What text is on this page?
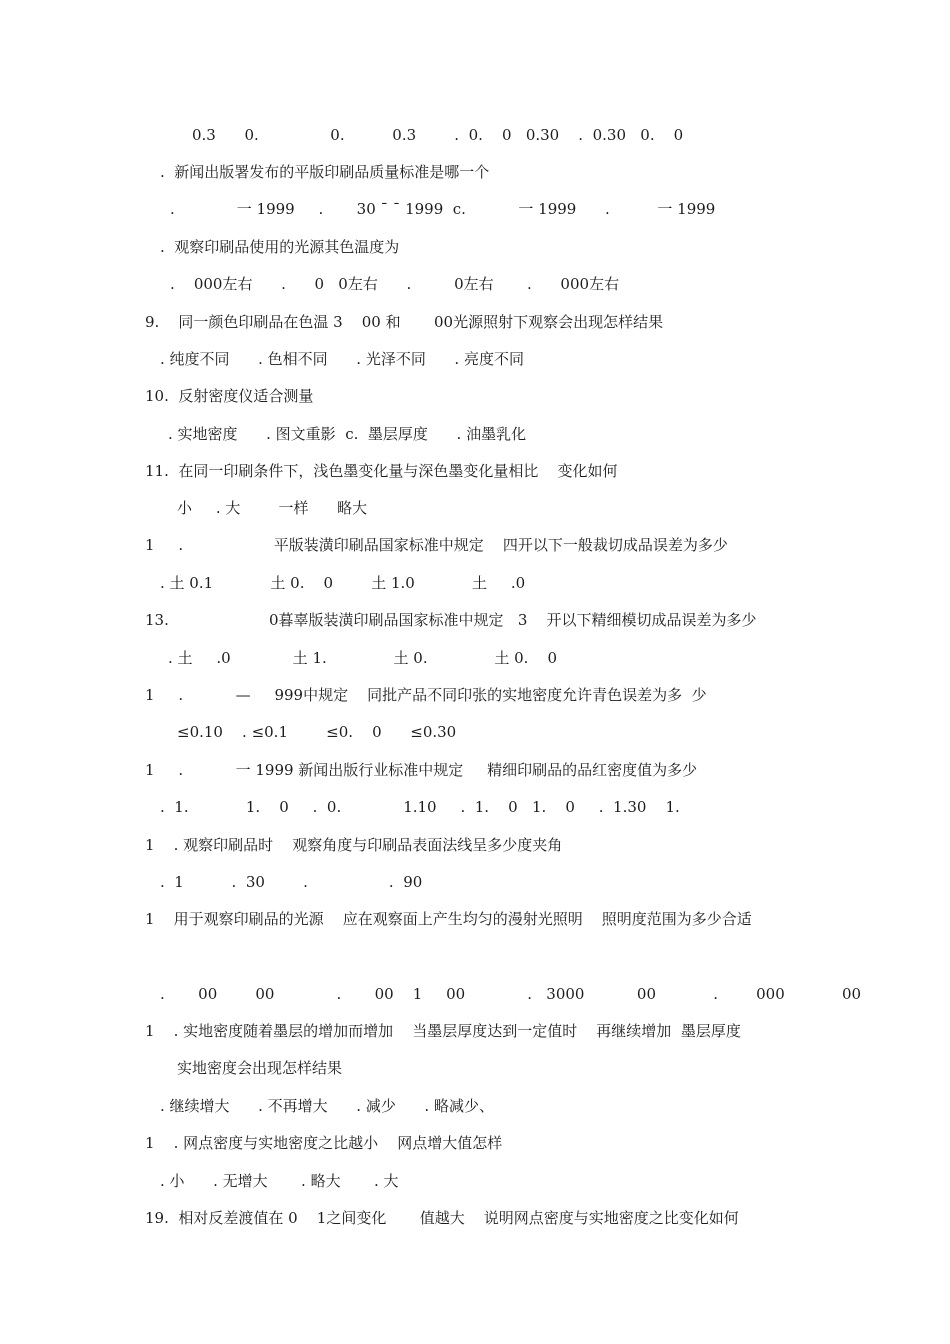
0.3      0.               0.          0.3        .  0.    0   0.30    .  0.30   0.    0
.  新闻出版署发布的平版印刷品质量标准是哪一个
.             一 1999     .       30 ¯ ¯ 1999  c.           一 1999      .          一 1999
.  观察印刷品使用的光源其色温度为
.    000左右      .      0   0左右      .         0左右       .      000左右
9.    同一颜色印刷品在色温 3    00 和       00光源照射下观察会出现怎样结果
. 纯度不同      . 色相不同      . 光泽不同      . 亮度不同
10.  反射密度仪适合测量
. 实地密度      . 图文重影  c.  墨层厚度      . 油墨乳化
11.  在同一印刷条件下，浅色墨变化量与深色墨变化量相比    变化如何
小     . 大        一样      略大
1     .                   平版装潢印刷品国家标准中规定    四开以下一般裁切成品误差为多少
. 土 0.1            土 0.    0        土 1.0            土     .0
13.                     0暮辜版装潢印刷品国家标准中规定   3    开以下精细模切成品误差为多少
. 土     .0             土 1.              土 0.              土 0.    0
1     .           —     999中规定    同批产品不同印张的实地密度允许青色误差为多  少
≤0.10    . ≤0.1        ≤0.    0      ≤0.30
1     .           一 1999 新闻出版行业标准中规定     精细印刷品的品红密度值为多少
.  1.            1.    0     .  0.             1.10     .  1.    0   1.    0     .  1.30    1.
1    . 观察印刷品时    观察角度与印刷品表面法线呈多少度夹角
.  1          .  30        .                 .  90
1    用于观察印刷品的光源    应在观察面上产生均匀的漫射光照明    照明度范围为多少合适
.       00        00             .       00    1     00             .   3000           00            .        000            00
1    . 实地密度随着墨层的增加而增加    当墨层厚度达到一定值时    再继续增加  墨层厚度
实地密度会出现怎样结果
. 继续增大      . 不再增大      . 减少      . 略减少、
1    . 网点密度与实地密度之比越小    网点增大值怎样
. 小      . 无增大       . 略大       . 大
19.  相对反差渡值在 0    1之间变化       值越大    说明网点密度与实地密度之比变化如何
